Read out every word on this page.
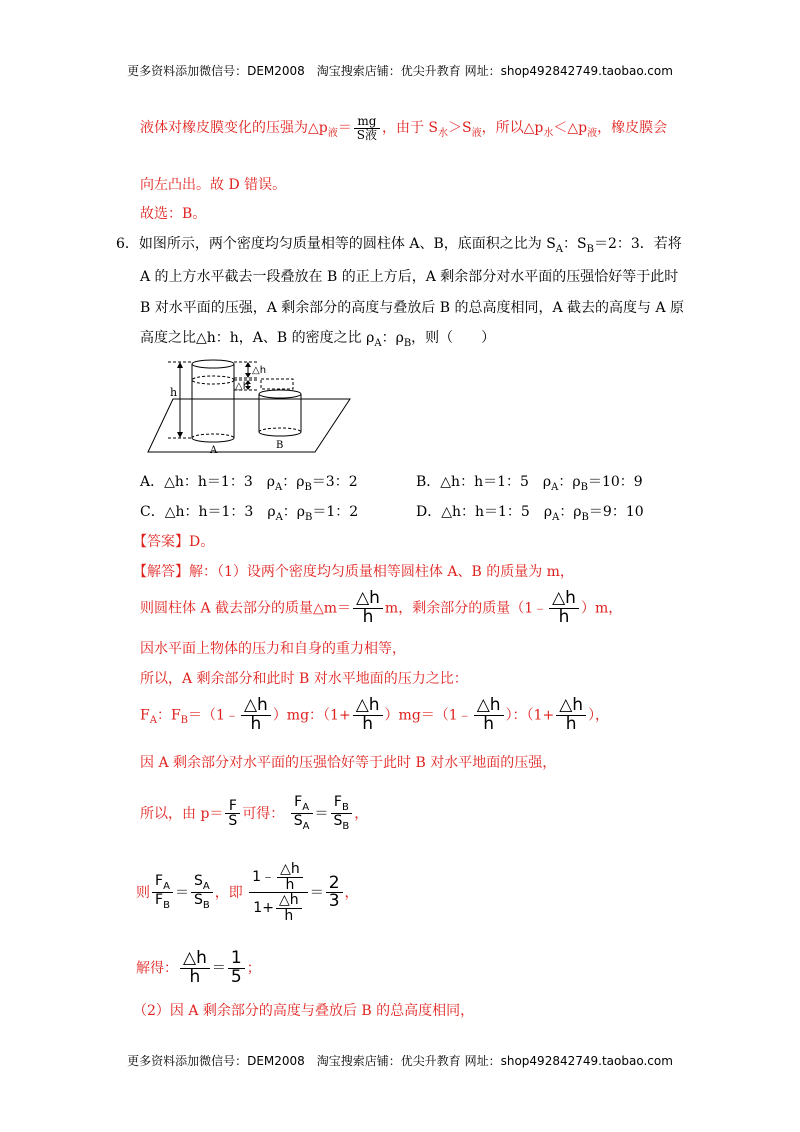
更多资料添加微信号：DEM2008　淘宝搜索店铺：优尖升教育 网址：shop492842749.taobao.com
液体对橡皮膜变化的压强为$\triangle p_液= \frac{mg}{\text{S液}}$ ，由于 $S_水>S_液$，所以$\triangle p_水<\triangle p_液$，橡皮膜会
向左凸出。故 D 错误。
故选：B。
6．如图所示，两个密度均匀质量相等的圆柱体 A、B，底面积之比为 $S_A$：$S_B=2$：3．若将
A 的上方水平截去一段叠放在 B 的正上方后，A 剩余部分对水平面的压强恰好等于此时
B 对水平面的压强，A 剩余部分的高度与叠放后 B 的总高度相同，A 截去的高度与 A 原
高度之比△h：h，A、B 的密度之比 $\rho_A$：$\rho_B$，则（　　）
h
△h
△h
A	B
A．△h：h＝1：3　$\rho_A$：$\rho_B=3$：2	B．△h：h＝1：5　$\rho_A$：$\rho_B=10$：9
C．△h：h＝1：3　$\rho_A$：$\rho_B=1$：2	D．△h：h＝1：5　$\rho_A$：$\rho_B=9$：10
【答案】D。
【解答】解：（1）设两个密度均匀质量相等圆柱体 A、B 的质量为 m，
则圆柱体 A 截去部分的质量△m＝ $\frac{\triangle h}{h}$ m，剩余部分的质量（1﹣ $\frac{\triangle h}{h} )m$，
因水平面上物体的压力和自身的重力相等，
所以，A 剩余部分和此时 B 对水平地面的压力之比：
$F_A$：$F_B=(1﹣ \frac{\triangle h}{h} )mg$：（$1+ \frac{\triangle h}{h}$ ）mg＝（1﹣ $\frac{\triangle h}{h}$ ）：（$1+ \frac{\triangle h}{h}$ ），
因 A 剩余部分对水平面的压强恰好等于此时 B 对水平地面的压强，
所以，由 $p= \frac{F}{S}$ 可得： $\frac{F_A}{S_A} = \frac{F_B}{S_B}$ ，
则 $\frac{F_A}{F_B} = \frac{S_A}{S_B}$ ，即 $\frac{1﹣ \frac{\triangle h}{h}}{1+ \frac{\triangle h}{h}} = \frac{2}{3}$ ，
解得： $\frac{\triangle h}{h} = \frac{1}{5}$ ；
（2）因 A 剩余部分的高度与叠放后 B 的总高度相同，
更多资料添加微信号：DEM2008　淘宝搜索店铺：优尖升教育 网址：shop492842749.taobao.com
